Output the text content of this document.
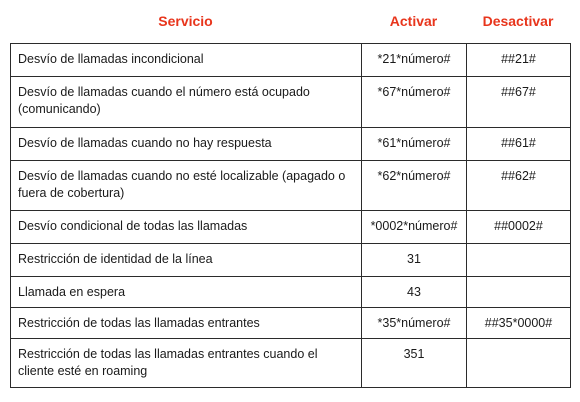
Servicio	Activar	Desactivar
Desvío de llamadas incondicional	*21*número#	##21#
Desvío de llamadas cuando el número está ocupado (comunicando)	*67*número#	##67#
Desvío de llamadas cuando no hay respuesta	*61*número#	##61#
Desvío de llamadas cuando no esté localizable (apagado o fuera de cobertura)	*62*número#	##62#
Desvío condicional de todas las llamadas	*0002*número#	##0002#
Restricción de identidad de la línea	31	
Llamada en espera	43	
Restricción de todas las llamadas entrantes	*35*número#	##35*0000#
Restricción de todas las llamadas entrantes cuando el cliente esté en roaming	351	
